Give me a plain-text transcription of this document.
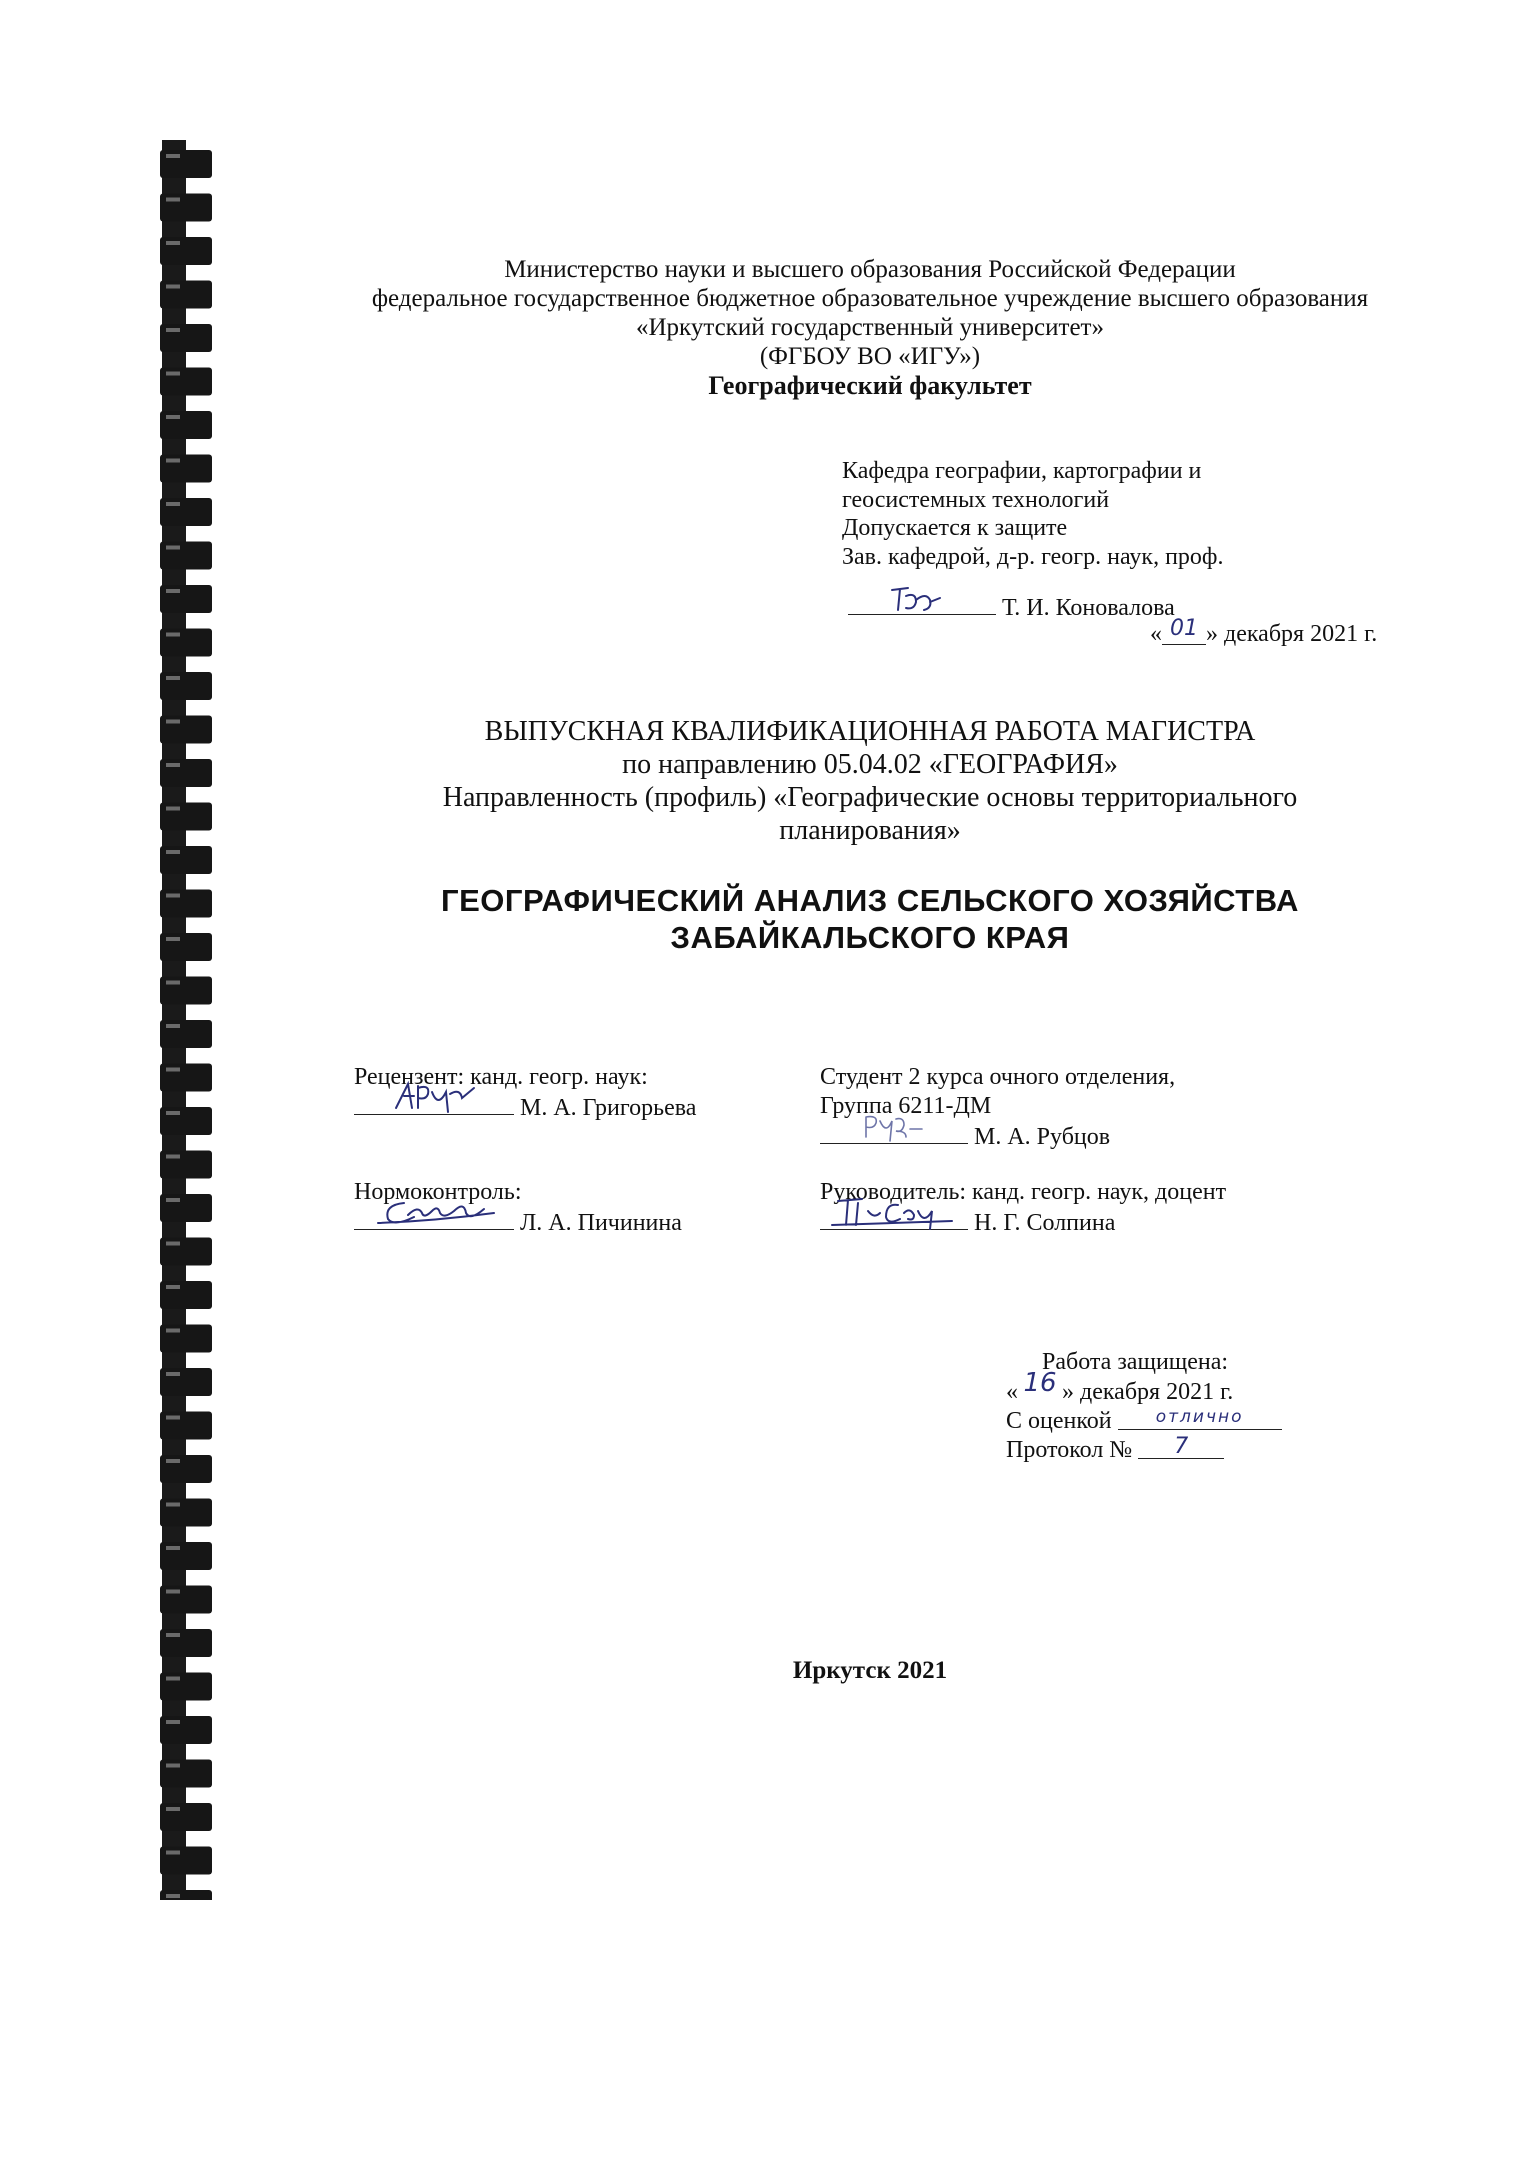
Министерство науки и высшего образования Российской Федерации
федеральное государственное бюджетное образовательное учреждение высшего образования
«Иркутский государственный университет»
(ФГБОУ ВО «ИГУ»)
Географический факультет
Кафедра географии, картографии и
геосистемных технологий
Допускается к защите
Зав. кафедрой, д-р. геогр. наук, проф.
Т. И. Коновалова
« 01 » декабря 2021 г.
ВЫПУСКНАЯ КВАЛИФИКАЦИОННАЯ РАБОТА МАГИСТРА
по направлению 05.04.02 «ГЕОГРАФИЯ»
Направленность (профиль) «Географические основы территориального
планирования»
ГЕОГРАФИЧЕСКИЙ АНАЛИЗ СЕЛЬСКОГО ХОЗЯЙСТВА
ЗАБАЙКАЛЬСКОГО КРАЯ
Рецензент: канд. геогр. наук:
М. А. Григорьева
Студент 2 курса очного отделения,
Группа 6211-ДМ
М. А. Рубцов
Нормоконтроль:
Л. А. Пичинина
Руководитель: канд. геогр. наук, доцент
Н. Г. Солпина
Работа защищена:
« 16 » декабря 2021 г.
С оценкой	$^{отлично}$
Протокол № 7
Иркутск 2021
